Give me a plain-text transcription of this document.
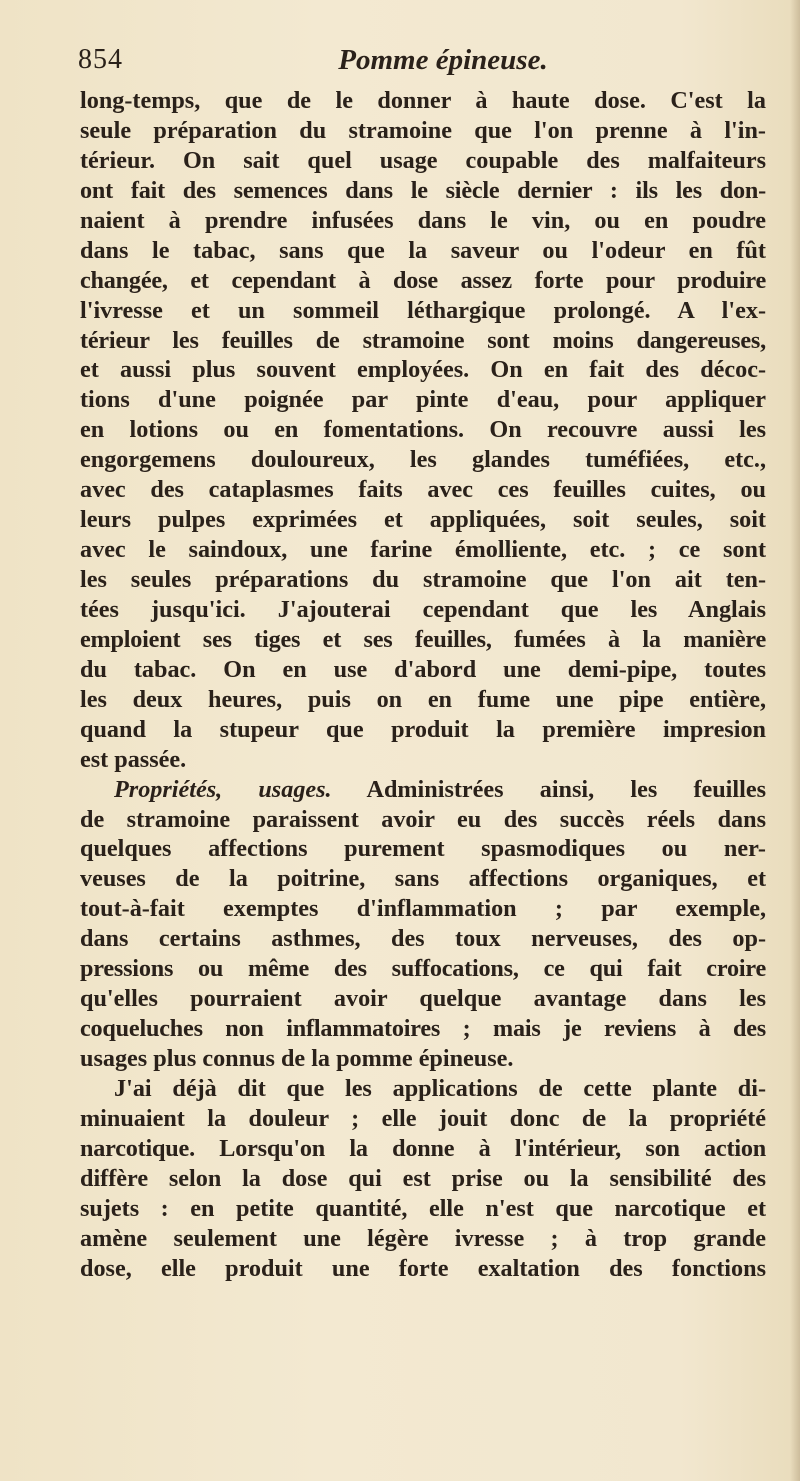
854	Pomme épineuse.
long-temps, que de le donner à haute dose. C'est la
seule préparation du stramoine que l'on prenne à l'in-
térieur. On sait quel usage coupable des malfaiteurs
ont fait des semences dans le siècle dernier : ils les don-
naient à prendre infusées dans le vin, ou en poudre
dans le tabac, sans que la saveur ou l'odeur en fût
changée, et cependant à dose assez forte pour produire
l'ivresse et un sommeil léthargique prolongé. A l'ex-
térieur les feuilles de stramoine sont moins dangereuses,
et aussi plus souvent employées. On en fait des décoc-
tions d'une poignée par pinte d'eau, pour appliquer
en lotions ou en fomentations. On recouvre aussi les
engorgemens douloureux, les glandes tuméfiées, etc.,
avec des cataplasmes faits avec ces feuilles cuites, ou
leurs pulpes exprimées et appliquées, soit seules, soit
avec le saindoux, une farine émolliente, etc. ; ce sont
les seules préparations du stramoine que l'on ait ten-
tées jusqu'ici. J'ajouterai cependant que les Anglais
emploient ses tiges et ses feuilles, fumées à la manière
du tabac. On en use d'abord une demi-pipe, toutes
les deux heures, puis on en fume une pipe entière,
quand la stupeur que produit la première impresion
est passée.
Propriétés, usages. Administrées ainsi, les feuilles
de stramoine paraissent avoir eu des succès réels dans
quelques affections purement spasmodiques ou ner-
veuses de la poitrine, sans affections organiques, et
tout-à-fait exemptes d'inflammation ; par exemple,
dans certains asthmes, des toux nerveuses, des op-
pressions ou même des suffocations, ce qui fait croire
qu'elles pourraient avoir quelque avantage dans les
coqueluches non inflammatoires ; mais je reviens à des
usages plus connus de la pomme épineuse.
J'ai déjà dit que les applications de cette plante di-
minuaient la douleur ; elle jouit donc de la propriété
narcotique. Lorsqu'on la donne à l'intérieur, son action
diffère selon la dose qui est prise ou la sensibilité des
sujets : en petite quantité, elle n'est que narcotique et
amène seulement une légère ivresse ; à trop grande
dose, elle produit une forte exaltation des fonctions
